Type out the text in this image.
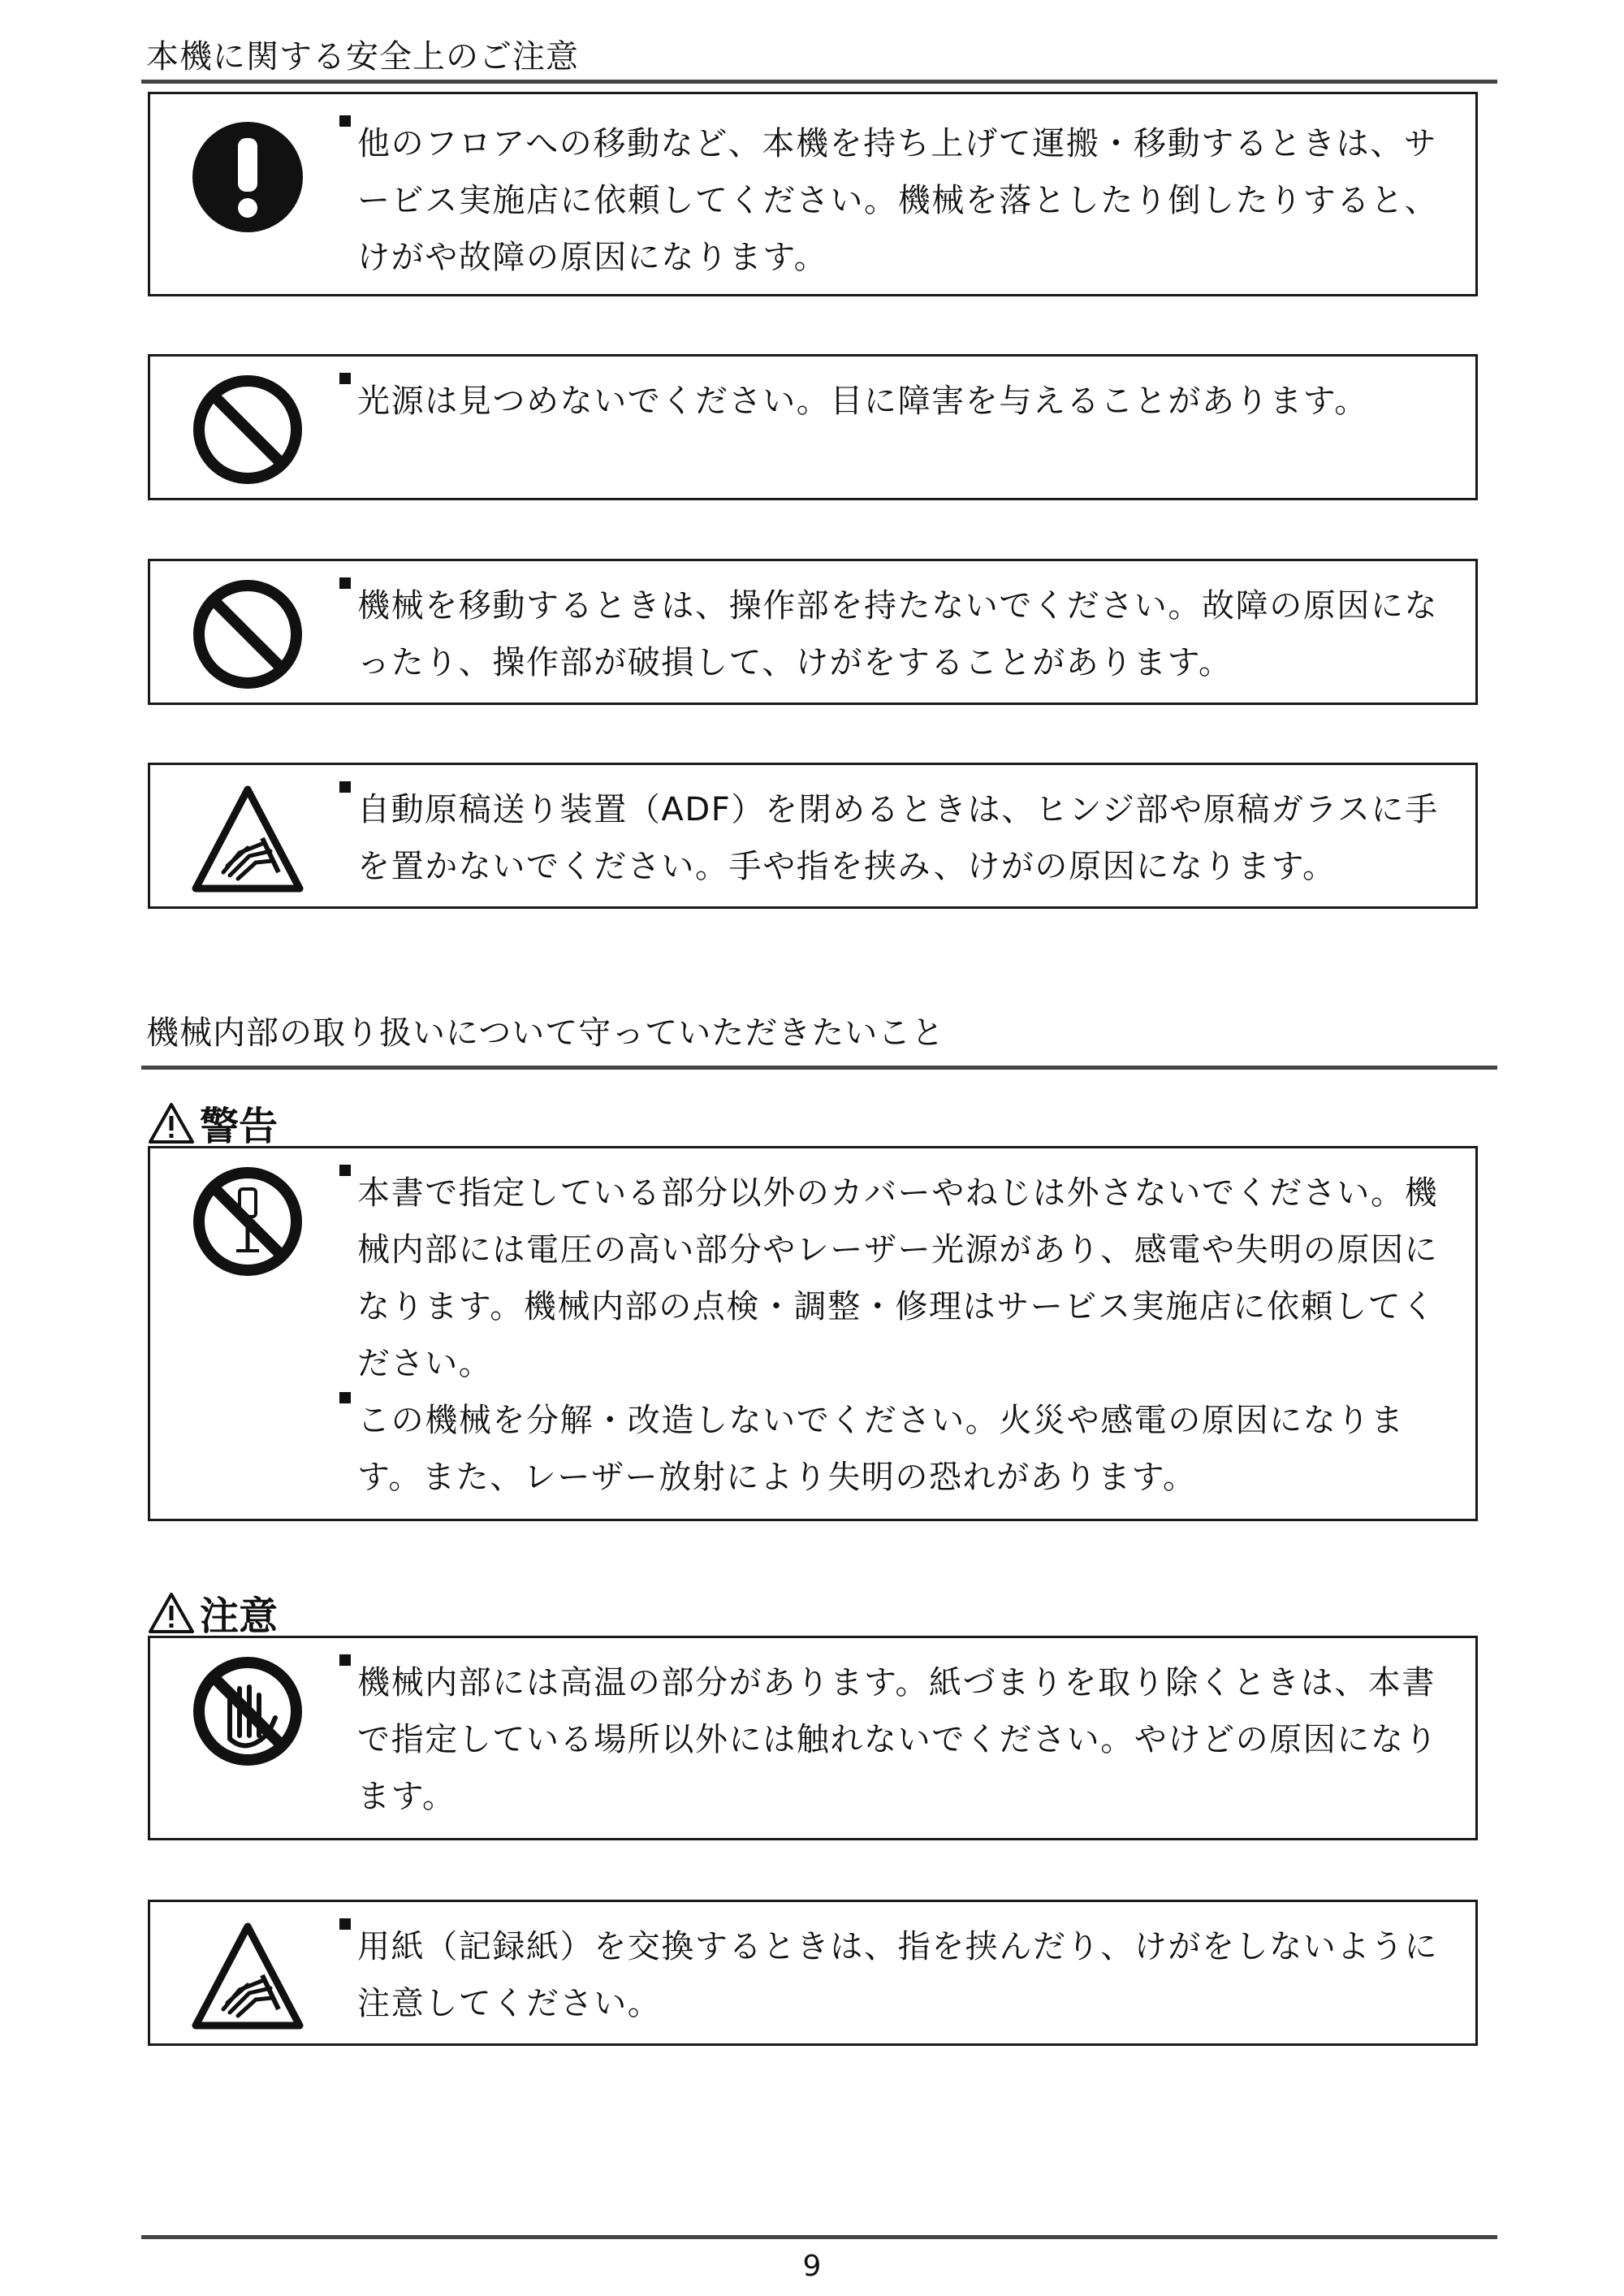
本機に関する安全上のご注意
他のフロアへの移動など、本機を持ち上げて運搬・移動するときは、サービス実施店に依頼してください。機械を落としたり倒したりすると、けがや故障の原因になります。
光源は見つめないでください。目に障害を与えることがあります。
機械を移動するときは、操作部を持たないでください。故障の原因になったり、操作部が破損して、けがをすることがあります。
自動原稿送り装置（ADF）を閉めるときは、ヒンジ部や原稿ガラスに手を置かないでください。手や指を挟み、けがの原因になります。
機械内部の取り扱いについて守っていただきたいこと
警告
本書で指定している部分以外のカバーやねじは外さないでください。機械内部には電圧の高い部分やレーザー光源があり、感電や失明の原因になります。機械内部の点検・調整・修理はサービス実施店に依頼してください。
この機械を分解・改造しないでください。火災や感電の原因になります。また、レーザー放射により失明の恐れがあります。
注意
機械内部には高温の部分があります。紙づまりを取り除くときは、本書で指定している場所以外には触れないでください。やけどの原因になります。
用紙（記録紙）を交換するときは、指を挟んだり、けがをしないように注意してください。
9
